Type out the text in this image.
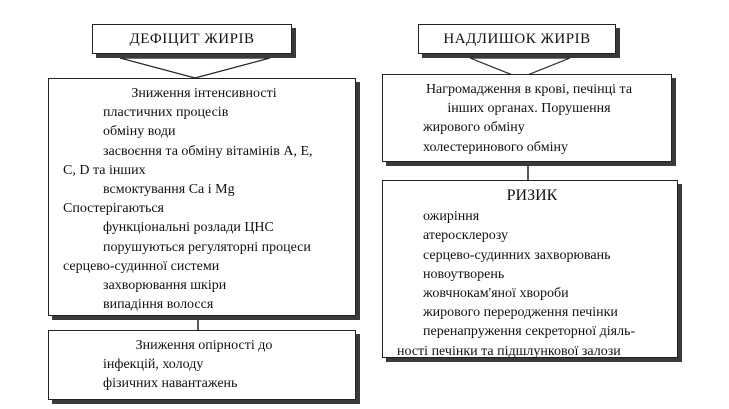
ДЕФІЦИТ ЖИРІВ
Зниження інтенсивності
пластичних процесів
обміну води
засвоєння та обміну вітамінів А, Е,
С, D та інших
всмоктування Са і Mg
Спостерігаються
функціональні розлади ЦНС
порушуються регуляторні процеси
серцево-судинної системи
захворювання шкіри
випадіння волосся
Зниження опірності до
інфекцій, холоду
фізичних навантажень
НАДЛИШОК ЖИРІВ
Нагромадження в крові, печінці та
інших органах. Порушення
жирового обміну
холестеринового обміну
РИЗИК
ожиріння
атеросклерозу
серцево-судинних захворювань
новоутворень
жовчнокам'яної хвороби
жирового переродження печінки
перенапруження секреторної діяль-
ності печінки та підшлункової залози
